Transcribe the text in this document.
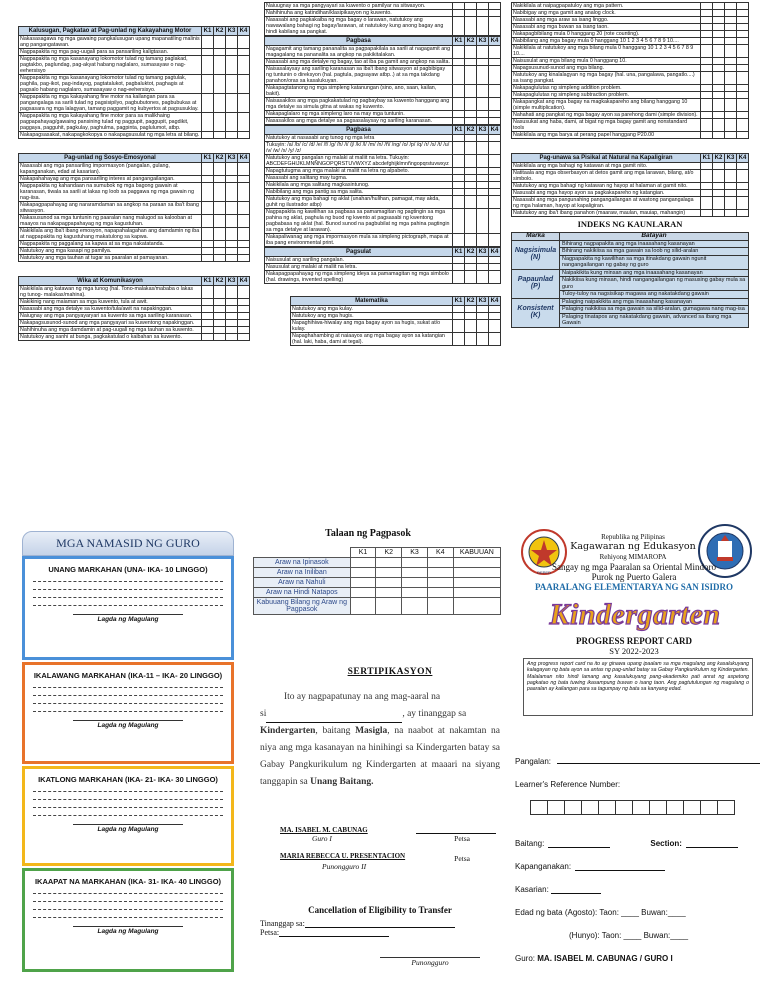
Kalusugan, Pagkatao at Pag-unlad ng Kakayahang Motor	K1	K2	K3	K4
Nakasasagawa ng mga gawaing pangkalusugan upang mapanatiling malinis ang pangangatawan.				
Nagpapakita ng mga pag-uugali para sa pansariling kaligtasan.				
Nagpapakita ng mga kasanayang lokomotor tulad ng tamang paglakad, pagtakbo, paglundag, pag-akyat habang naglalaro, sumasayaw o nag-eehersisyo				
Nagpapakita ng mga kasanayang lokomotor tulad ng tamang pagtulak, paghila, pag-ikot, pag-indayog, pagtatalukot, pagbaluktot, paghagis at pagsalo habang naglalaro, sumasayaw o nag-eehersisyo.				
Nagpapakita ng mga kakayahang fine motor na kailangan para sa pangangalaga sa sarili tulad ng pagsisipilyo, pagbubutones, pagbubukas at pagsasara ng mga lalagyan, tamang paggamit ng kubyertos at pagsusuklay.				
Nagpapakita ng mga kakayahang fine motor para sa malikhaing pagpapahayag/gawaing pansining tulad ng paggupit, paggupit, pagdikit, paggaya, pagguhit, pagkulay, paghulma, pagpinta, paglulumot, atbp.				
Nakapagsasakat, nakapagkokopya o nakapagsusulat ng mga letra at bilang.				
Pag-unlad ng Sosyo-Emosyonal	K1	K2	K3	K4
Nasasabi ang mga pansariling impormasyon (pangalan, gulang, kapanganakan, edad at kasarian).				
Nakapahahayag ang mga pansariling interes at pangangailangan.				
Nagpapakita ng kahandaan na sumubok ng mga bagong gawain at karanasan, tiwala sa sarili at lakas ng loob sa paggawa ng mga gawain ng nag-iisa.				
Nakapagpapahayag ang nararamdaman sa angkop na paraan sa iba't ibang sitwasyon.				
Nakasusunod sa mga tuntunin ng paaralan nang malugod sa kalooban at maayos na nakapagpapahayag ng mga kagustuhan.				
Nakikilala ang iba't ibang emosyon, napapahalagahan ang damdamin ng iba at nagpapakita ng kagustuhang makatulong sa kapwa.				
Nagpapakita ng paggalang sa kapwa at sa mga nakatatanda.				
Natutukoy ang mga kasapi ng pamilya.				
Natutukoy ang mga tauhan at tugar sa paaralan at pamayanan.				
Wika at Komunikasyon	K1	K2	K3	K4
Nakikilala ang katawan ng mga tunog (hal. Tono-malakas/mababa o lakas ng tunog- malakas/mahina).				
Nakikinig nang maiaman sa mga kuwento, tula at awit.				
Nasasabi ang mga detalye sa kuwento/tula/awit na napakinggan.				
Naiugnay ang mga pangyayaryari sa kuwento sa mga sariling karanasan.				
Nakapagsusunod-sunod ang mga pangyayari sa kuwentong napakinggan.				
Nahihinuha ang mga damdamin at pag-uugali ng mga tauhan sa kuwento.				
Natutukoy ang sanhi at bunga, pagkakatulad o kaibahan sa kuwento.				
Naiuugnay sa mga pangyayari sa kuwento o pamilyar na sitwasyon.				
Nahihinuha ang katindihan/klasipikasyon ng kuwento.				
Nasasabi ang pagkakaiba ng mga bagay o larawan, natutukoy ang nawawalang bahagi ng bagay/larawan, at natutukoy kung anong bagay ang hindi kabilang sa pangkat.				
Pagbasa	K1	K2	K3	K4
Nagagamit ang tamang pananalita sa pagpapakilala sa sarili at nagagamit ang magagalang na pananalita sa angkop na pakikitalakan.				
Nasasabi ang mga detalye ng bagay, tao at iba pa gamit ang angkop na salita.				
Naisasalaysay ang sariling karanasan sa iba't ibang sitwasyon at pagbibigay ng tuntunin o direksyon (hal. pagtula, pagsayaw atbp..) at sa mga takdang panahon/oras sa kasalukuyan.				
Nakapagtatanong ng mga simpleng katanungan (sino, ano, saan, kailan, bakit).				
Naisasakilos ang mga pagkakatulad ng pagbaybay sa kuwento hanggang ang mga detalye sa simula gitna at wakas ng kuwento.				
Nakapaglalaro ng mga simpleng laro na may mga tuntunin.				
Nasasakilos ang mga detalye sa pagsasalaysay ng sariling karanasan.				
Pagbasa	K1	K2	K3	K4
Natutukoy at nasasabi ang tunog ng mga letra				
Tukuyin: /a/ /b/ /c/ /d/ /e/ /f/ /g/ /h/ /i/ /j/ /k/ /l/ /m/ /n/ /ñ/ /ng/ /o/ /p/ /q/ /r/ /s/ /t/ /u/ /v/ /w/ /x/ /y/ /z/				
Natutukoy ang pangalan ng malaki at maliit na letra. Tukuyin: ABCDEFGHIJKLMNÑNGOPQRSTUVWXYZ abcdefghijklmnñngopqrstuvwxyz				
Napagtutugma ang mga malaki at maliit na letra ng alpabeto.				
Nasasabi ang salitang may tugma.				
Nakikilala ang mga salitang magkasintunog.				
Nabibilang ang mga pantig sa mga salita.				
Natutukoy ang mga bahagi ng aklat (unahan/hulihan, pamagat, may akda, guhit ng ilustrador atbp)				
Nagpapakita ng kawilihan sa pagbasa sa pamamagitan ng pagtingin sa mga pahina ng aklat, paghula ng buod ng kwento at pagsasabi ng kwentong pagbabasa ng aklat (hal. Bunod sunod na pagbubilat ng mga pahina pagtingin sa mga detalye at larawan).				
Nakapaliwanag ang mga impormasyon mula sa simpleng pictograph, mapa at iba pang environmental print.				
Pagsulat	K1	K2	K3	K4
Naisusulat ang sariling pangalan.				
Nasusulat ang malaki at maliit na letra.				
Nakapagpapahayag ng mga simpleng ideya sa pamamagitan ng mga simbolo (hal. drawings, invented spelling)				
Matematika	K1	K2	K3	K4
Natutukoy ang mga kulay.				
Natutukoy ang mga hugis.				
Napaghihiwa-hiwalay ang mga bagay ayon sa hugis, sukat at/o kulay.				
Napaghahambing at naiaayos ang mga bagay ayon sa katangian (hal. laki, haba, dami at tegal).				
Nakikilala at naipagpapatuloy ang mga pattern.				
Nabibigay ang mga gamit ang analog clock.				
Nasasabi ang mga araw sa isang linggo.				
Nasasabi ang mga buwan sa isang taon.				
Nakapagbibilang mula 0 hanggang 20 (rote counting).				
Nabibilang ang mga bagay mula 0 hanggang 10 1 2 3 4 5 6 7 8 9 10....				
Nakikilala at natutukoy ang mga bilang mula 0 hanggang 10 1 2 3 4 5 6 7 8 9 10....				
Naisusulat ang mga bilang mula 0 hanggang 10.				
Napagsusunud-sunod ang mga bilang.				
Natutukoy ang kinalalagyan ng mga bagay (hal. una, pangalawa, pangatlo....) sa isang pangkat.				
Nakapaglulutas ng simpleng addition problem.				
Nakapaglulutas ng simpleng subtraction problem.				
Nakapangkat ang mga bagay na magkakapareho ang bilang hanggang 10 (simple multiplication).				
Nahahati ang pangkat ng mga bagay ayon sa parehong dami (simple division).				
Nasusukat ang haba, dami, at bigat ng mga bagay gamit ang nonstandard tools				
Nakikilala ang mga barya at perang papel hanggang P20.00				
Pag-unawa sa Pisikal at Natural na Kapaligiran	K1	K2	K3	K4
Nakikilala ang mga bahagi ng katawan at mga gamit nito.				
Natitaala ang mga obserbasyon at detos gamit ang mga larawan, bilang, at/o simbolo.				
Natutukoy ang mga bahagi ng katawan ng hayop at halaman at gamit nito.				
Nasusabi ang mga hayop ayon sa pagkakapareho ng katangian.				
Nasasabi ang mga pangunahing pangangailangan at wastong pangangalaga ng mga halaman, hayop at kapaligiran.				
Natutukoy ang iba't ibang panahon (maaraw, maulan, mauiap, mahangin)				
INDEKS NG KAUNLARAN
Marka	Batayan
Nagsisimula (N)	Bihirang nagpapakita ang mga inaasahang kasanayan
	Bihirang nakikiisa sa mga gawain sa loob ng silid-aralan
	Nagpapakita ng kawilihan sa mga itinakdang gawain ngunit nangangailangan ng gabay ng guro
Papaunlad (P)	Naipakikita kung minsan ang mga inaasahang kasanayan
	Nakikiisa kung minsan, hindi nangangailangan ng masusing gabay mula sa guro
	Tuloy-tuloy na nagsisikap magawa ang nakatakdang gawain
Konsistent (K)	Palaging naipakikita ang mga inaasahang kasanayan
	Palaging nakikiisa sa mga gawain sa silid-aralan, gumagawa nang mag-isa
	Palaging tinatapos ang nakatakdang gawain, advanced sa ibang mga Gawain
MGA NAMASID NG GURO
UNANG MARKAHAN (UNA- IKA- 10 LINGGO)
Lagda ng Magulang
IKALAWANG MARKAHAN (IKA-11 – IKA- 20 LINGGO)
Lagda ng Magulang
IKATLONG MARKAHAN (IKA- 21- IKA- 30 LINGGO)
Lagda ng Magulang
IKAAPAT NA MARKAHAN (IKA- 31- IKA- 40 LINGGO)
Lagda ng Magulang
Talaan ng Pagpasok
	K1	K2	K3	K4	KABUUAN
Araw na Ipinasok					
Araw na Iniliban					
Araw na Nahuli					
Araw na Hindi Natapos					
Kabuuang Bilang ng Araw ng Pagpasok					
SERTIPIKASYON
Ito ay nagpapatunay na ang mag-aaral na
si	, ay tinanggap sa
Kindergarten, baitang Masigla, na naabot at nakamtan na niya ang mga kasanayan na hinihingi sa Kindergarten batay sa Gabay Pangkurikulum ng Kindergarten at maaari na siyang tanggapin sa Unang Baitang.
MA. ISABEL M. CABUNAG
Guro I	Petsa
MARIA REBECCA U. PRESENTACION
Punongguro II
Petsa
Cancellation of Eligibility to Transfer
Tinanggap sa:
Petsa:
Punongguro
DEPED
Republika ng Pilipinas
Kagawaran ng Edukasyon
Rehiyong MIMAROPA
Sangay ng mga Paaralan sa Oriental Mindoro
Purok ng Puerto Galera
PAARALANG ELEMENTARYA NG SAN ISIDRO
Kindergarten
PROGRESS REPORT CARD
SY 2022-2023
Ang progress report card na ito ay ginawa upang ipaalam sa mga magulang ang kasalukuyang kalagayan ng bata ayon sa antas ng pag-unlad batay sa Gabay Pangkurikulum ng Kindergarten. Malalaman nito hindi lamang ang kasalukuyang pang-akademiko pati anrat ng aspetong pagkatao ng bata tuwing ikasampung buwan o isang taon. Ang pagtutulungan ng magulang o paaralan ay kailangan para sa tagumpay ng bata sa kanyang edad.
Pangalan:
Learner's Reference Number:
Baitang:	Section:
Kapanganakan:
Kasarian:
Edad ng bata (Agosto): Taon: ____ Buwan:____
(Hunyo): Taon: ____ Buwan:____
Guro: MA. ISABEL M. CABUNAG / GURO I
